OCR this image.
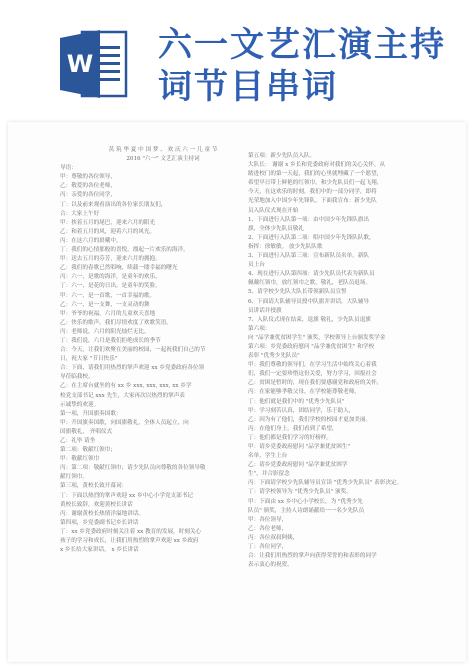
W 六一文艺汇演主持词节目串词
莴 筑 华 夏 中 国 梦 、 欢 庆 六 一 儿 童 节
2016 "六一" 文艺汇演主持词
导语：
甲：尊敬的各位领导，
乙：敬爱的各位老师，
丙：亲爱的各位同学，
丁：以及前来观看演出的各位家长朋友们，
合：大家上午好
甲：挟着五月的尾巴，迎来六月的阳光
乙：和着五月的风，迎着六月的风光。
丙：在这六月的晨曦中，
丁：我们的心情那般的喜悦，漂起一片欢乐的海洋。
甲：送去五月的芬芳，迎来六月的拥抱。
乙：我们的春歌已然唱响，续载一缕幸福的曙光
丙：六一，是歌的海洋，是童年的欢乐，
丁：六一，是花的日出，是童年的笑脸，
甲：六一，是一首歌，一首幸福的歌。
乙：六一，是一支舞，一支灵动的舞
甲：爷爷的祝福，六月的儿童欢天喜地
乙：快乐的歌声，我们尽情欢度了欢歌笑语。
丙：老师说，六月的阳光灿烂无比。
丁：我们说，六月是我们拒绝成长的季节
合：今天，让我们欢聚在美丽的校园，一起祝我们自己的节
日，祝大家 "节日快乐"
合：下面，请我们用热烈的掌声欢迎 xx 乡党委政府各位领
导莅临我校。
乙：在主席台就坐的有 xx 乡 xxx, xxx, xxx, xx 乡学
校党支部书记 xxx 先生，大家再次以热烈的掌声表
示诚挚的欢迎。
第一项，升国旗奏国歌：
甲：升国旗奏国歌，向国旗敬礼，全体人员起立，向
国旗敬礼， 齐唱仪式
乙：礼毕 请坐
第二项：敬献红领巾；
甲：敬献红领巾
丙：第二项：敬献红领巾；请少先队员向尊敬的各位领导敬
献红领巾。
第三项，黄校长致开幕词：
丁：下面以热烈的掌声欢迎 xx 乡中心小学党支部书记
黄校长致辞，欢迎黄校长讲话
丙：谢谢黄校长热情洋溢地讲话。
第四项，乡党委副书记乡长讲话
丁：xx 乡党委政府时刻关注着 xx 教育的发展，时刻关心
孩子的学习和成长，让我们用热烈的掌声欢迎 xx 乡政府
x 乡长给大家讲话。 x 乡长讲话
第五项：新少先队员入队。
大队长： 谢谢 x 乡长和党委政府对我们的关心关怀，从
踏进校门的第一天起，我们的心里就埋藏了一个愿望，
希望早日带上鲜艳的红领巾，和少先队员们一起飞翔，
今天，在这欢乐的时刻，我们中的一部分同学，即将
光荣地加入中国少年先锋队，下面我宣布：新少先队
员入队仪式现在开始
1、下面进行入队第一项：由中国少年先锋队旗出
旗，全体少先队员敬礼
2、下面进行入队第二项：唱中国少年先锋队队歌，
指挥：徐敏敏。 放少先队队歌
3、下面进行入队第三项：宣布新队员名单。新队
员上台
4、现在进行入队第四项：请少先队员代表为新队员
佩戴红领巾，放红领巾之歌，敬礼，老队员退场。
5、请学校少先队大队长带领新队员宣誓
6、下面请大队辅导员授中队旗并讲话，大队辅导
员讲话并授旗
7、入队仪式现在结束，退旗 敬礼，少先队员退旗
第六项：
向 "品学兼优贫困学生" 颁奖，学校领导上台颁发奖学金
第六项：乡党委政府慰问 "品学兼优贫困生" 和学校
表彰 "优秀少先队员"
甲：我们尊敬的领导们，在学习生活中始终关心着我
们，我们一定要珍惜这份关爱，努力学习，回报社会
乙：贫困是暂时的，现在我们要感谢党和政府的关怀，
丙：在家能够孝敬父母，在学校能尊敬老师，
丁：他们就是我们中的 "优秀少先队员"
甲：学习刻苦认真，团结同学，乐于助人，
乙：因为有了他们，我们学校的校园才更加美丽。
丙：在他们身上，我们看到了希望，
丁：他们都是我们学习的好榜样。
甲：请乡党委政府慰问 "品学兼优贫困生"
名单，学生上台
乙：请乡党委政府慰问 "品学兼优贫困学
生"，并合影留念
丙：下面请学校少先队辅导员宣读 "优秀少先队员" 表彰决定。
丁：请学校领导为 "优秀少先队员" 颁奖。
甲：下面由 xx 乡中心小学校长，为 "优秀少先
队员" 颁奖，主持人诗朗诵献给一一名少先队员
甲：各位领导，
乙：各位老师，
丙：各位叔叔阿姨，
丁：各位同学，
合：让我们用热烈的掌声向获得荣誉的和表彰的同学
表示衷心的祝贺。
